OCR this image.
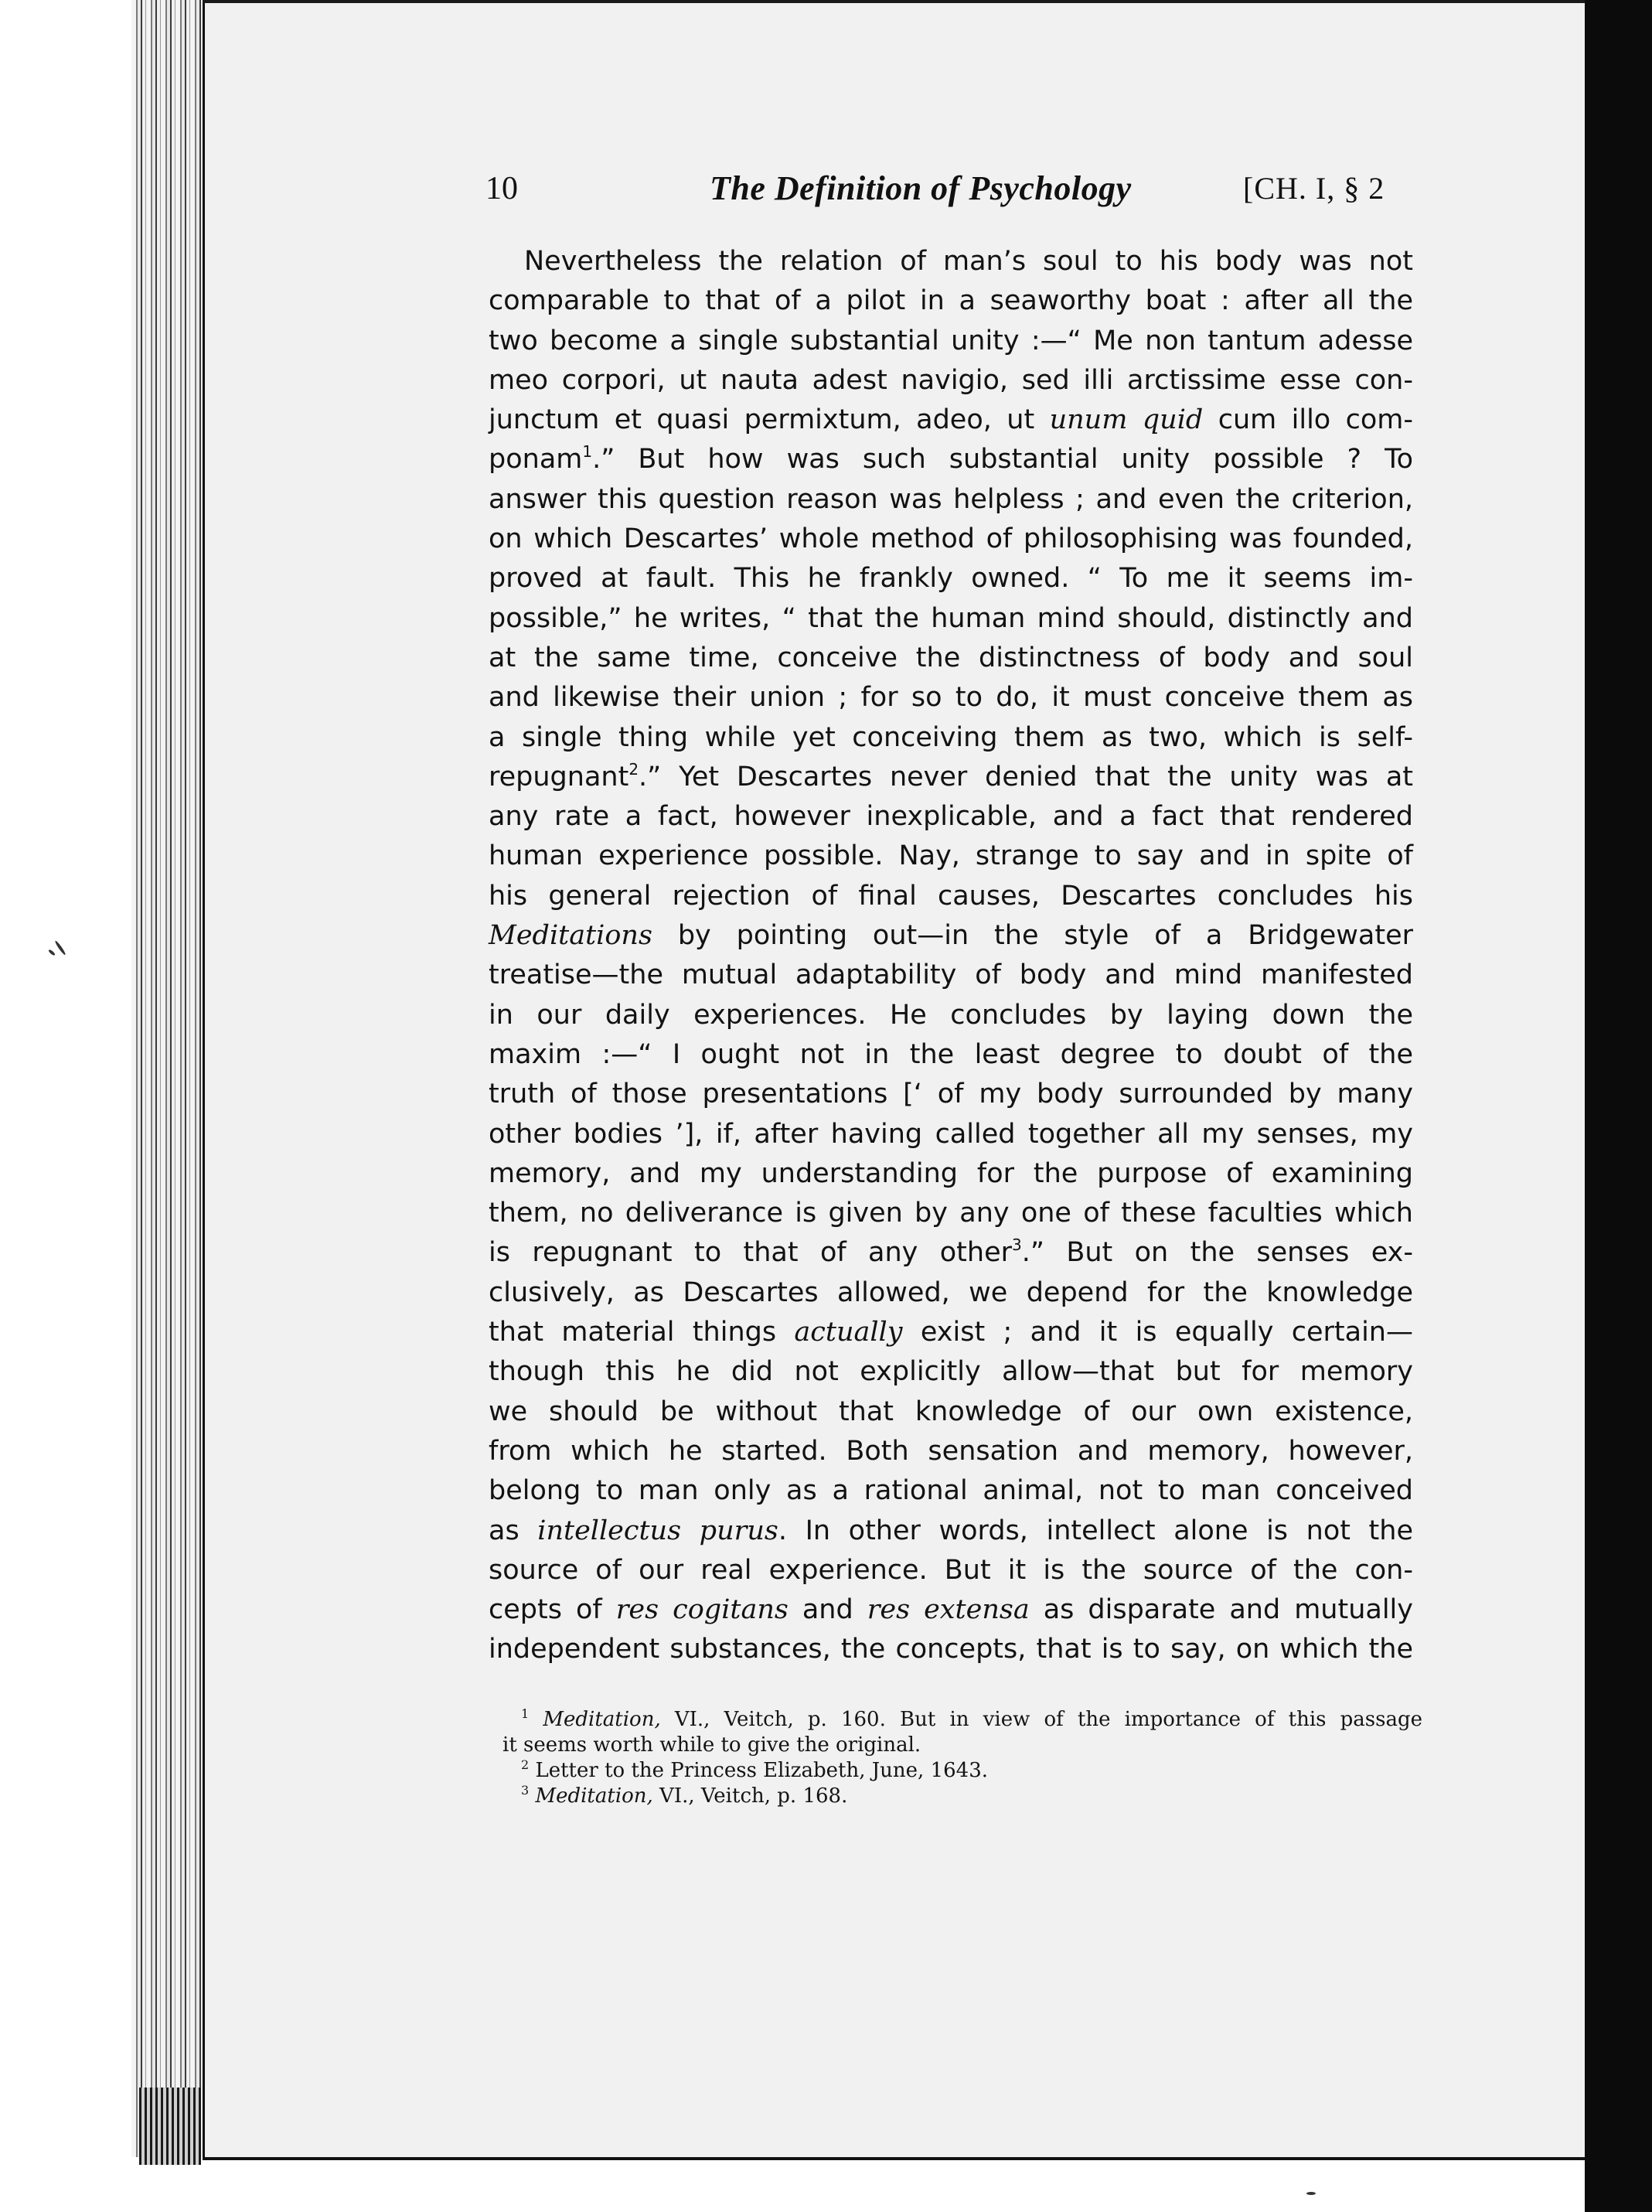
10	The Definition of Psychology	[CH. I, § 2
Nevertheless the relation of man’s soul to his body was not
comparable to that of a pilot in a seaworthy boat : after all the
two become a single substantial unity :—“ Me non tantum adesse
meo corpori, ut nauta adest navigio, sed illi arctissime esse con-
junctum et quasi permixtum, adeo, ut unum quid cum illo com-
ponam$^1$.” But how was such substantial unity possible ? To
answer this question reason was helpless ; and even the criterion,
on which Descartes’ whole method of philosophising was founded,
proved at fault. This he frankly owned. “ To me it seems im-
possible,” he writes, “ that the human mind should, distinctly and
at the same time, conceive the distinctness of body and soul
and likewise their union ; for so to do, it must conceive them as
a single thing while yet conceiving them as two, which is self-
repugnant$^2$.” Yet Descartes never denied that the unity was at
any rate a fact, however inexplicable, and a fact that rendered
human experience possible. Nay, strange to say and in spite of
his general rejection of final causes, Descartes concludes his
Meditations by pointing out—in the style of a Bridgewater
treatise—the mutual adaptability of body and mind manifested
in our daily experiences. He concludes by laying down the
maxim :—“ I ought not in the least degree to doubt of the
truth of those presentations [‘ of my body surrounded by many
other bodies ’], if, after having called together all my senses, my
memory, and my understanding for the purpose of examining
them, no deliverance is given by any one of these faculties which
is repugnant to that of any other$^3$.” But on the senses ex-
clusively, as Descartes allowed, we depend for the knowledge
that material things actually exist ; and it is equally certain—
though this he did not explicitly allow—that but for memory
we should be without that knowledge of our own existence,
from which he started. Both sensation and memory, however,
belong to man only as a rational animal, not to man conceived
as intellectus purus. In other words, intellect alone is not the
source of our real experience. But it is the source of the con-
cepts of res cogitans and res extensa as disparate and mutually
independent substances, the concepts, that is to say, on which the
$^1$ Meditation, VI., Veitch, p. 160. But in view of the importance of this passage
it seems worth while to give the original.
$^2$ Letter to the Princess Elizabeth, June, 1643.
$^3$ Meditation, VI., Veitch, p. 168.
